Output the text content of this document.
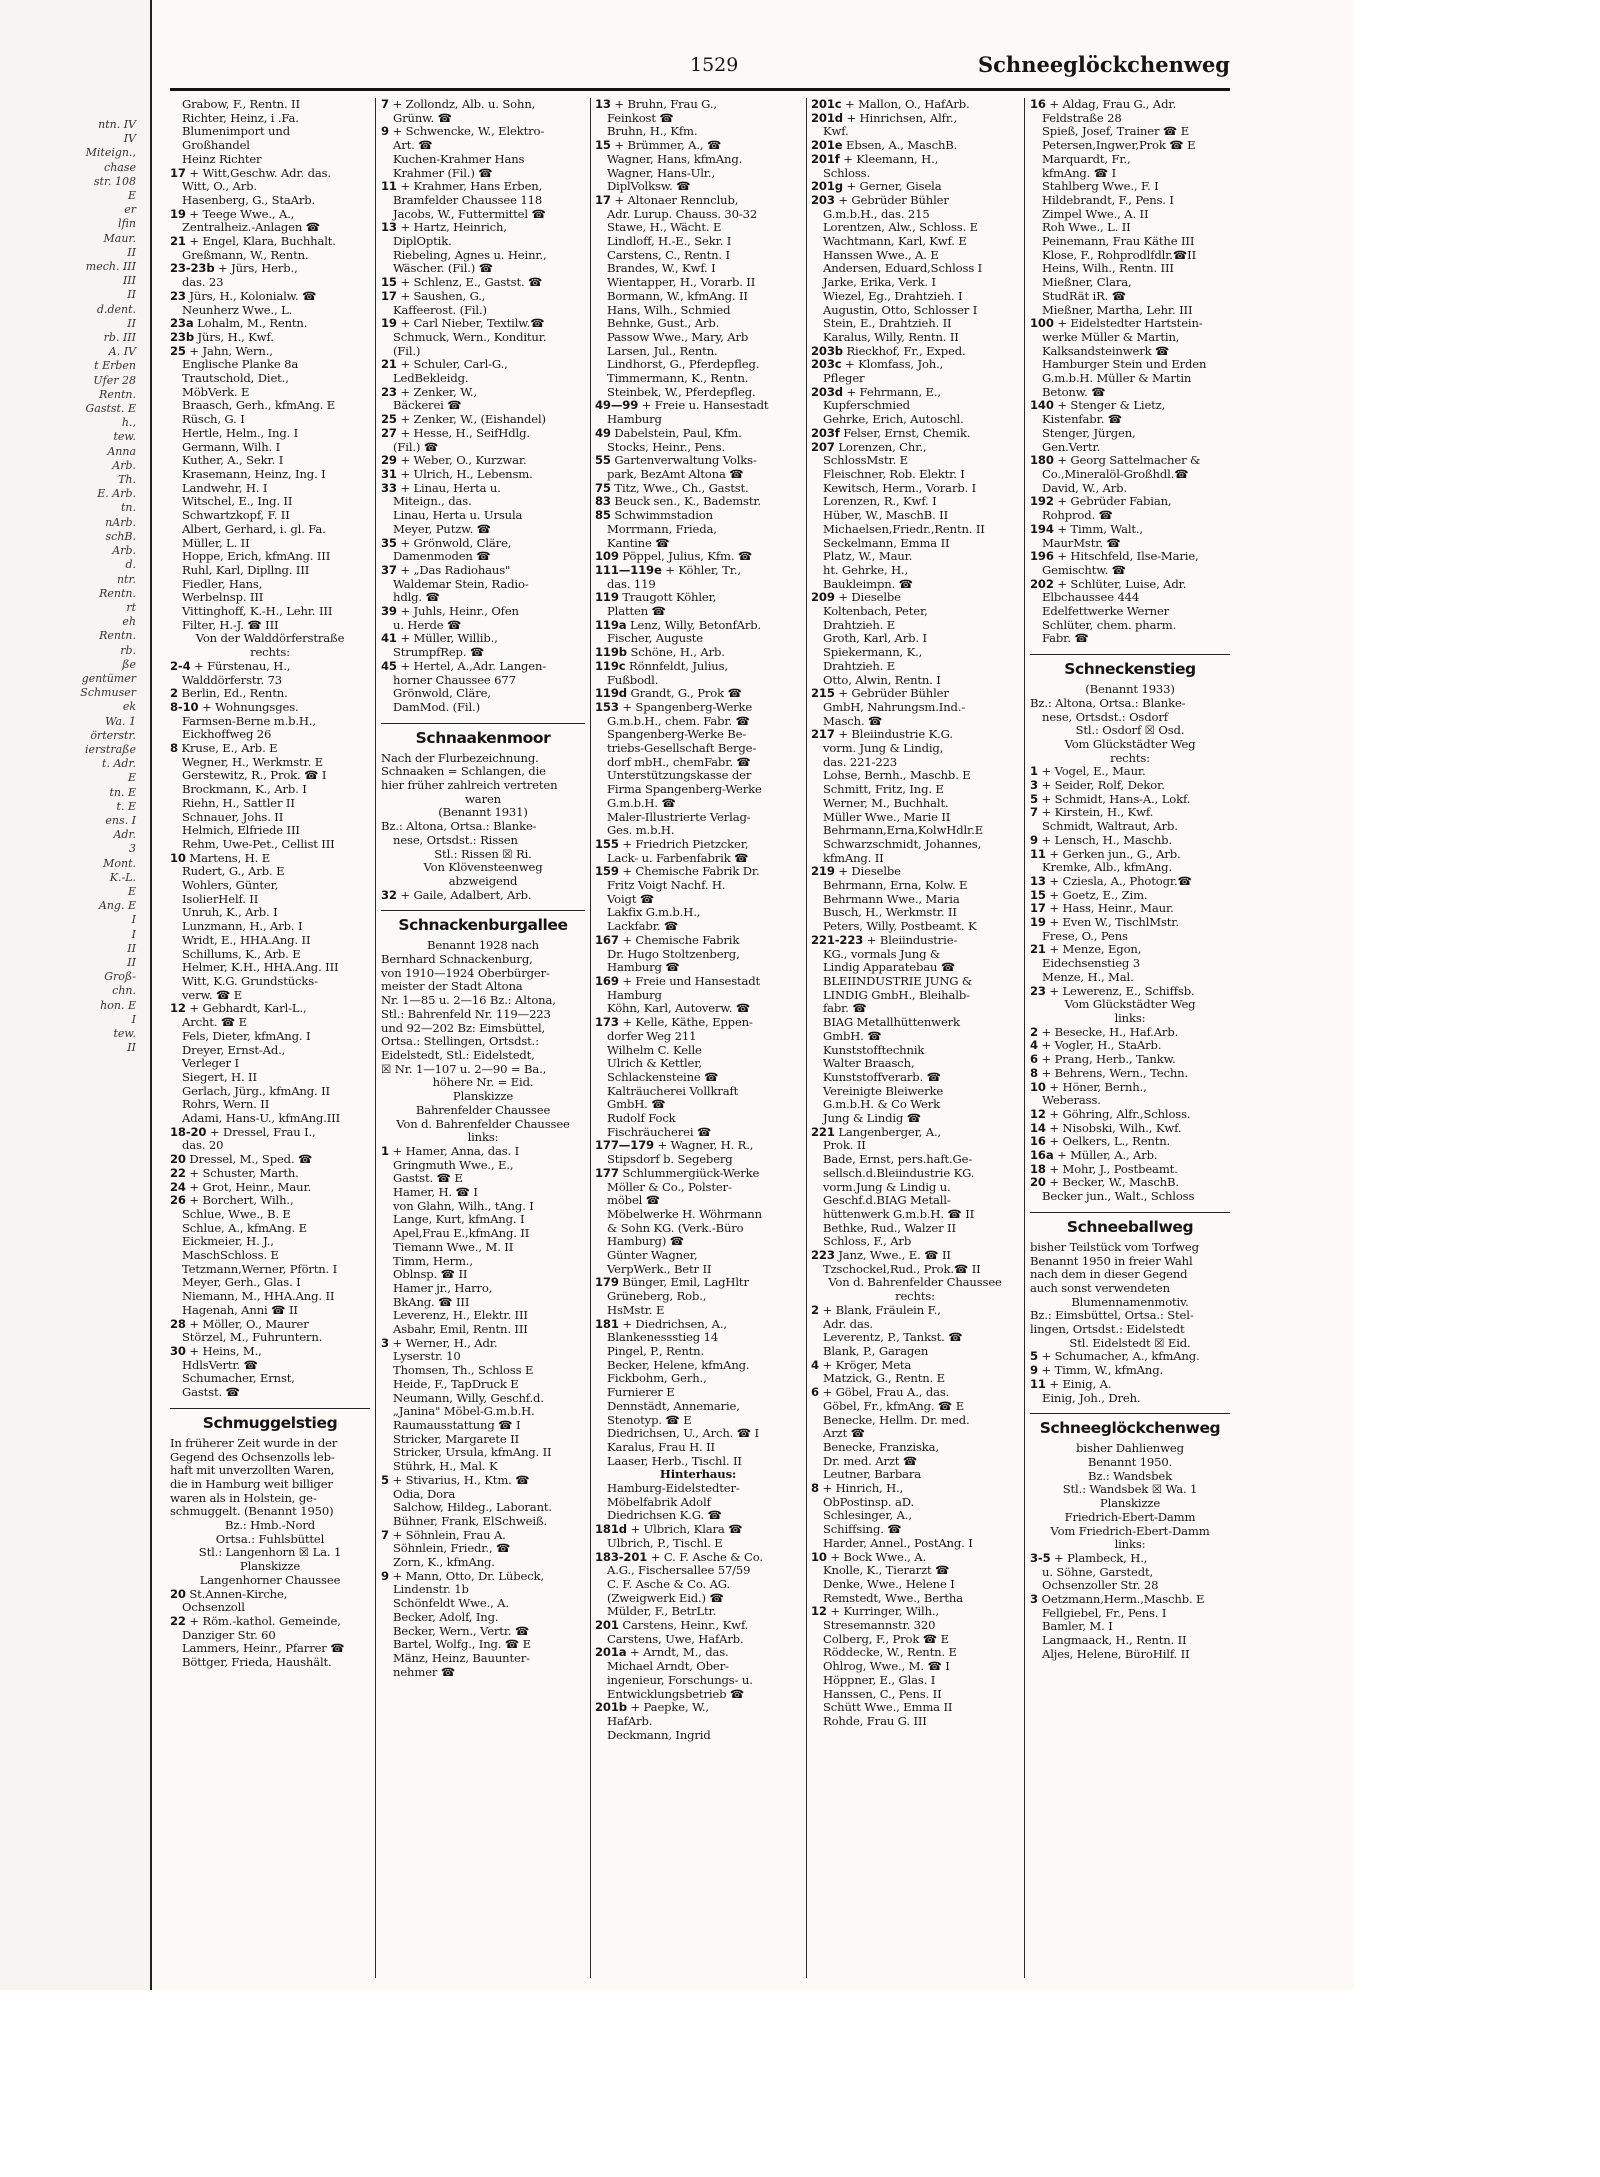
ntn. IV
IV
Miteign.,
chase
str. 108
E
er
lfin
Maur.
II
mech. III
III
II
d.dent.
II
rb. III
A. IV
t Erben
Ufer 28
Rentn.
Gastst. E
h.,
tew.
Anna
Arb.
Th.
E. Arb.
tn.
nArb.
schB.
Arb.
d.
ntr.
Rentn.
rt
eh
Rentn.
rb.
ße
gentümer
Schmuser
ek
Wa. 1
örterstr.
ierstraße
t. Adr.
E
tn. E
t. E
ens. I
Adr.
3
Mont.
K.-L.
E
Ang. E
I
I
II
II
Groß-
chn.
hon. E
I
tew.
II
1529	Schneeglöckchenweg
Grabow, F., Rentn. II
Richter, Heinz, i .Fa.
Blumenimport und
Großhandel
Heinz Richter
17 + Witt,Geschw. Adr. das.
Witt, O., Arb.
Hasenberg, G., StaArb.
19 + Teege Wwe., A.,
Zentralheiz.-Anlagen ☎
21 + Engel, Klara, Buchhalt.
Greßmann, W., Rentn.
23-23b + Jürs, Herb.,
das. 23
23 Jürs, H., Kolonialw. ☎
Neunherz Wwe., L.
23a Lohalm, M., Rentn.
23b Jürs, H., Kwf.
25 + Jahn, Wern.,
Englische Planke 8a
Trautschold, Diet.,
MöbVerk. E
Braasch, Gerh., kfmAng. E
Rüsch, G. I
Hertle, Helm., Ing. I
Germann, Wilh. I
Kuther, A., Sekr. I
Krasemann, Heinz, Ing. I
Landwehr, H. I
Witschel, E., Ing. II
Schwartzkopf, F. II
Albert, Gerhard, i. gl. Fa.
Müller, L. II
Hoppe, Erich, kfmAng. III
Ruhl, Karl, Dipllng. III
Fiedler, Hans,
Werbelnsp. III
Vittinghoff, K.-H., Lehr. III
Filter, H.-J. ☎ III
Von der Walddörferstraße
rechts:
2-4 + Fürstenau, H.,
Walddörferstr. 73
2 Berlin, Ed., Rentn.
8-10 + Wohnungsges.
Farmsen-Berne m.b.H.,
Eickhoffweg 26
8 Kruse, E., Arb. E
Wegner, H., Werkmstr. E
Gerstewitz, R., Prok. ☎ I
Brockmann, K., Arb. I
Riehn, H., Sattler II
Schnauer, Johs. II
Helmich, Elfriede III
Rehm, Uwe-Pet., Cellist III
10 Martens, H. E
Rudert, G., Arb. E
Wohlers, Günter,
IsolierHelf. II
Unruh, K., Arb. I
Lunzmann, H., Arb. I
Wridt, E., HHA.Ang. II
Schillums, K., Arb. E
Helmer, K.H., HHA.Ang. III
Witt, K.G. Grundstücks-
verw. ☎ E
12 + Gebhardt, Karl-L.,
Archt. ☎ E
Fels, Dieter, kfmAng. I
Dreyer, Ernst-Ad.,
Verleger I
Siegert, H. II
Gerlach, Jürg., kfmAng. II
Rohrs, Wern. II
Adami, Hans-U., kfmAng.III
18-20 + Dressel, Frau I.,
das. 20
20 Dressel, M., Sped. ☎
22 + Schuster, Marth.
24 + Grot, Heinr., Maur.
26 + Borchert, Wilh.,
Schlue, Wwe., B. E
Schlue, A., kfmAng. E
Eickmeier, H. J.,
MaschSchloss. E
Tetzmann,Werner, Pförtn. I
Meyer, Gerh., Glas. I
Niemann, M., HHA.Ang. II
Hagenah, Anni ☎ II
28 + Möller, O., Maurer
Störzel, M., Fuhruntern.
30 + Heins, M.,
HdlsVertr. ☎
Schumacher, Ernst,
Gastst. ☎
Schmuggelstieg
In früherer Zeit wurde in der
Gegend des Ochsenzolls leb-
haft mit unverzollten Waren,
die in Hamburg weit billiger
waren als in Holstein, ge-
schmuggelt. (Benannt 1950)
Bz.: Hmb.-Nord
Ortsa.: Fuhlsbüttel
Stl.: Langenhorn ☒ La. 1
Planskizze
Langenhorner Chaussee
20 St.Annen-Kirche,
Ochsenzoll
22 + Röm.-kathol. Gemeinde,
Danziger Str. 60
Lammers, Heinr., Pfarrer ☎
Böttger, Frieda, Haushält.
7 + Zollondz, Alb. u. Sohn,
Grünw. ☎
9 + Schwencke, W., Elektro-
Art. ☎
Kuchen-Krahmer Hans
Krahmer (Fil.) ☎
11 + Krahmer, Hans Erben,
Bramfelder Chaussee 118
Jacobs, W., Futtermittel ☎
13 + Hartz, Heinrich,
DiplOptik.
Riebeling, Agnes u. Heinr.,
Wäscher. (Fil.) ☎
15 + Schlenz, E., Gastst. ☎
17 + Saushen, G.,
Kaffeerost. (Fil.)
19 + Carl Nieber, Textilw.☎
Schmuck, Wern., Konditur.
(Fil.)
21 + Schuler, Carl-G.,
LedBekleidg.
23 + Zenker, W.,
Bäckerei ☎
25 + Zenker, W., (Eishandel)
27 + Hesse, H., SeifHdlg.
(Fil.) ☎
29 + Weber, O., Kurzwar.
31 + Ulrich, H., Lebensm.
33 + Linau, Herta u.
Miteign., das.
Linau, Herta u. Ursula
Meyer, Putzw. ☎
35 + Grönwold, Cläre,
Damenmoden ☎
37 + „Das Radiohaus"
Waldemar Stein, Radio-
hdlg. ☎
39 + Juhls, Heinr., Ofen
u. Herde ☎
41 + Müller, Willib.,
StrumpfRep. ☎
45 + Hertel, A.,Adr. Langen-
horner Chaussee 677
Grönwold, Cläre,
DamMod. (Fil.)
Schnaakenmoor
Nach der Flurbezeichnung.
Schnaaken = Schlangen, die
hier früher zahlreich vertreten
waren
(Benannt 1931)
Bz.: Altona, Ortsa.: Blanke-
nese, Ortsdst.: Rissen
Stl.: Rissen ☒ Ri.
Von Klövensteenweg
abzweigend
32 + Gaile, Adalbert, Arb.
Schnackenburgallee
Benannt 1928 nach
Bernhard Schnackenburg,
von 1910—1924 Oberbürger-
meister der Stadt Altona
Nr. 1—85 u. 2—16 Bz.: Altona,
Stl.: Bahrenfeld Nr. 119—223
und 92—202 Bz: Eimsbüttel,
Ortsa.: Stellingen, Ortsdst.:
Eidelstedt, Stl.: Eidelstedt,
☒ Nr. 1—107 u. 2—90 = Ba.,
höhere Nr. = Eid.
Planskizze
Bahrenfelder Chaussee
Von d. Bahrenfelder Chaussee
links:
1 + Hamer, Anna, das. I
Gringmuth Wwe., E.,
Gastst. ☎ E
Hamer, H. ☎ I
von Glahn, Wilh., tAng. I
Lange, Kurt, kfmAng. I
Apel,Frau E.,kfmAng. II
Tiemann Wwe., M. II
Timm, Herm.,
Oblnsp. ☎ II
Hamer jr., Harro,
BkAng. ☎ III
Leverenz, H., Elektr. III
Asbahr, Emil, Rentn. III
3 + Werner, H., Adr.
Lyserstr. 10
Thomsen, Th., Schloss E
Heide, F., TapDruck E
Neumann, Willy, Geschf.d.
„Janina" Möbel-G.m.b.H.
Raumausstattung ☎ I
Stricker, Margarete II
Stricker, Ursula, kfmAng. II
Stührk, H., Mal. K
5 + Stivarius, H., Ktm. ☎
Odia, Dora
Salchow, Hildeg., Laborant.
Bühner, Frank, ElSchweiß.
7 + Söhnlein, Frau A.
Söhnlein, Friedr., ☎
Zorn, K., kfmAng.
9 + Mann, Otto, Dr. Lübeck,
Lindenstr. 1b
Schönfeldt Wwe., A.
Becker, Adolf, Ing.
Becker, Wern., Vertr. ☎
Bartel, Wolfg., Ing. ☎ E
Mänz, Heinz, Bauunter-
nehmer ☎
13 + Bruhn, Frau G.,
Feinkost ☎
Bruhn, H., Kfm.
15 + Brümmer, A., ☎
Wagner, Hans, kfmAng.
Wagner, Hans-Ulr.,
DiplVolksw. ☎
17 + Altonaer Rennclub,
Adr. Lurup. Chauss. 30-32
Stawe, H., Wächt. E
Lindloff, H.-E., Sekr. I
Carstens, C., Rentn. I
Brandes, W., Kwf. I
Wientapper, H., Vorarb. II
Bormann, W., kfmAng. II
Hans, Wilh., Schmied
Behnke, Gust., Arb.
Passow Wwe., Mary, Arb
Larsen, Jul., Rentn.
Lindhorst, G., Pferdepfleg.
Timmermann, K., Rentn.
Steinbek, W., Pferdepfleg.
49—99 + Freie u. Hansestadt
Hamburg
49 Dabelstein, Paul, Kfm.
Stocks, Heinr., Pens.
55 Gartenverwaltung Volks-
park, BezAmt Altona ☎
75 Titz, Wwe., Ch., Gastst.
83 Beuck sen., K., Bademstr.
85 Schwimmstadion
Morrmann, Frieda,
Kantine ☎
109 Pöppel, Julius, Kfm. ☎
111—119e + Köhler, Tr.,
das. 119
119 Traugott Köhler,
Platten ☎
119a Lenz, Willy, BetonfArb.
Fischer, Auguste
119b Schöne, H., Arb.
119c Rönnfeldt, Julius,
Fußbodl.
119d Grandt, G., Prok ☎
153 + Spangenberg-Werke
G.m.b.H., chem. Fabr. ☎
Spangenberg-Werke Be-
triebs-Gesellschaft Berge-
dorf mbH., chemFabr. ☎
Unterstützungskasse der
Firma Spangenberg-Werke
G.m.b.H. ☎
Maler-Illustrierte Verlag-
Ges. m.b.H.
155 + Friedrich Pietzcker,
Lack- u. Farbenfabrik ☎
159 + Chemische Fabrik Dr.
Fritz Voigt Nachf. H.
Voigt ☎
Lakfix G.m.b.H.,
Lackfabr. ☎
167 + Chemische Fabrik
Dr. Hugo Stoltzenberg,
Hamburg ☎
169 + Freie und Hansestadt
Hamburg
Köhn, Karl, Autoverw. ☎
173 + Kelle, Käthe, Eppen-
dorfer Weg 211
Wilhelm C. Kelle
Ulrich & Kettler,
Schlackensteine ☎
Kalträucherei Vollkraft
GmbH. ☎
Rudolf Fock
Fischräucherei ☎
177—179 + Wagner, H. R.,
Stipsdorf b. Segeberg
177 Schlummergiück-Werke
Möller & Co., Polster-
möbel ☎
Möbelwerke H. Wöhrmann
& Sohn KG. (Verk.-Büro
Hamburg) ☎
Günter Wagner,
VerpWerk., Betr II
179 Bünger, Emil, LagHltr
Grüneberg, Rob.,
HsMstr. E
181 + Diedrichsen, A.,
Blankenessstieg 14
Pingel, P., Rentn.
Becker, Helene, kfmAng.
Fickbohm, Gerh.,
Furnierer E
Dennstädt, Annemarie,
Stenotyp. ☎ E
Diedrichsen, U., Arch. ☎ I
Karalus, Frau H. II
Laaser, Herb., Tischl. II
Hinterhaus:
Hamburg-Eidelstedter-
Möbelfabrik Adolf
Diedrichsen K.G. ☎
181d + Ulbrich, Klara ☎
Ulbrich, P., Tischl. E
183-201 + C. F. Asche & Co.
A.G., Fischersallee 57/59
C. F. Asche & Co. AG.
(Zweigwerk Eid.) ☎
Mülder, F., BetrLtr.
201 Carstens, Heinr., Kwf.
Carstens, Uwe, HafArb.
201a + Arndt, M., das.
Michael Arndt, Ober-
ingenieur, Forschungs- u.
Entwicklungsbetrieb ☎
201b + Paepke, W.,
HafArb.
Deckmann, Ingrid
201c + Mallon, O., HafArb.
201d + Hinrichsen, Alfr.,
Kwf.
201e Ebsen, A., MaschB.
201f + Kleemann, H.,
Schloss.
201g + Gerner, Gisela
203 + Gebrüder Bühler
G.m.b.H., das. 215
Lorentzen, Alw., Schloss. E
Wachtmann, Karl, Kwf. E
Hanssen Wwe., A. E
Andersen, Eduard,Schloss I
Jarke, Erika, Verk. I
Wiezel, Eg., Drahtzieh. I
Augustin, Otto, Schlosser I
Stein, E., Drahtzieh. II
Karalus, Willy, Rentn. II
203b Rieckhof, Fr., Exped.
203c + Klomfass, Joh.,
Pfleger
203d + Fehrmann, E.,
Kupferschmied
Gehrke, Erich, Autoschl.
203f Felser, Ernst, Chemik.
207 Lorenzen, Chr.,
SchlossMstr. E
Fleischner, Rob. Elektr. I
Kewitsch, Herm., Vorarb. I
Lorenzen, R., Kwf. I
Hüber, W., MaschB. II
Michaelsen,Friedr.,Rentn. II
Seckelmann, Emma II
Platz, W., Maur.
ht. Gehrke, H.,
Baukleimpn. ☎
209 + Dieselbe
Koltenbach, Peter,
Drahtzieh. E
Groth, Karl, Arb. I
Spiekermann, K.,
Drahtzieh. E
Otto, Alwin, Rentn. I
215 + Gebrüder Bühler
GmbH, Nahrungsm.Ind.-
Masch. ☎
217 + Bleiindustrie K.G.
vorm. Jung & Lindig,
das. 221-223
Lohse, Bernh., Maschb. E
Schmitt, Fritz, Ing. E
Werner, M., Buchhalt.
Müller Wwe., Marie II
Behrmann,Erna,KolwHdlr.E
Schwarzschmidt, Johannes,
kfmAng. II
219 + Dieselbe
Behrmann, Erna, Kolw. E
Behrmann Wwe., Maria
Busch, H., Werkmstr. II
Peters, Willy, Postbeamt. K
221-223 + Bleiindustrie-
KG., vormals Jung &
Lindig Apparatebau ☎
BLEIINDUSTRIE JUNG &
LINDIG GmbH., Bleihalb-
fabr. ☎
BIAG Metallhüttenwerk
GmbH. ☎
Kunststofftechnik
Walter Braasch,
Kunststoffverarb. ☎
Vereinigte Bleiwerke
G.m.b.H. & Co Werk
Jung & Lindig ☎
221 Langenberger, A.,
Prok. II
Bade, Ernst, pers.haft.Ge-
sellsch.d.Bleiindustrie KG.
vorm.Jung & Lindig u.
Geschf.d.BIAG Metall-
hüttenwerk G.m.b.H. ☎ II
Bethke, Rud., Walzer II
Schloss, F., Arb
223 Janz, Wwe., E. ☎ II
Tzschockel,Rud., Prok.☎ II
Von d. Bahrenfelder Chaussee
rechts:
2 + Blank, Fräulein F.,
Adr. das.
Leverentz, P., Tankst. ☎
Blank, P., Garagen
4 + Kröger, Meta
Matzick, G., Rentn. E
6 + Göbel, Frau A., das.
Göbel, Fr., kfmAng. ☎ E
Benecke, Hellm. Dr. med.
Arzt ☎
Benecke, Franziska,
Dr. med. Arzt ☎
Leutner, Barbara
8 + Hinrich, H.,
ObPostinsp. aD.
Schlesinger, A.,
Schiffsing. ☎
Harder, Annel., PostAng. I
10 + Bock Wwe., A.
Knolle, K., Tierarzt ☎
Denke, Wwe., Helene I
Remstedt, Wwe., Bertha
12 + Kurringer, Wilh.,
Stresemannstr. 320
Colberg, F., Prok ☎ E
Röddecke, W., Rentn. E
Ohlrog, Wwe., M. ☎ I
Höppner, E., Glas. I
Hanssen, C., Pens. II
Schütt Wwe., Emma II
Rohde, Frau G. III
16 + Aldag, Frau G., Adr.
Feldstraße 28
Spieß, Josef, Trainer ☎ E
Petersen,Ingwer,Prok ☎ E
Marquardt, Fr.,
kfmAng. ☎ I
Stahlberg Wwe., F. I
Hildebrandt, F., Pens. I
Zimpel Wwe., A. II
Roh Wwe., L. II
Peinemann, Frau Käthe III
Klose, F., Rohprodlfdlr.☎II
Heins, Wilh., Rentn. III
Mießner, Clara,
StudRät iR. ☎
Mießner, Martha, Lehr. III
100 + Eidelstedter Hartstein-
werke Müller & Martin,
Kalksandsteinwerk ☎
Hamburger Stein und Erden
G.m.b.H. Müller & Martin
Betonw. ☎
140 + Stenger & Lietz,
Kistenfabr. ☎
Stenger, Jürgen,
Gen.Vertr.
180 + Georg Sattelmacher &
Co.,Mineralöl-Großhdl.☎
David, W., Arb.
192 + Gebrüder Fabian,
Rohprod. ☎
194 + Timm, Walt.,
MaurMstr. ☎
196 + Hitschfeld, Ilse-Marie,
Gemischtw. ☎
202 + Schlüter, Luise, Adr.
Elbchaussee 444
Edelfettwerke Werner
Schlüter, chem. pharm.
Fabr. ☎
Schneckenstieg
(Benannt 1933)
Bz.: Altona, Ortsa.: Blanke-
nese, Ortsdst.: Osdorf
Stl.: Osdorf ☒ Osd.
Vom Glückstädter Weg
rechts:
1 + Vogel, E., Maur.
3 + Seider, Rolf, Dekor.
5 + Schmidt, Hans-A., Lokf.
7 + Kirstein, H., Kwf.
Schmidt, Waltraut, Arb.
9 + Lensch, H., Maschb.
11 + Gerken jun., G., Arb.
Kremke, Alb., kfmAng.
13 + Cziesla, A., Photogr.☎
15 + Goetz, E., Zim.
17 + Hass, Heinr., Maur.
19 + Even W., TischlMstr.
Frese, O., Pens
21 + Menze, Egon,
Eidechsenstieg 3
Menze, H., Mal.
23 + Lewerenz, E., Schiffsb.
Vom Glückstädter Weg
links:
2 + Besecke, H., Haf.Arb.
4 + Vogler, H., StaArb.
6 + Prang, Herb., Tankw.
8 + Behrens, Wern., Techn.
10 + Höner, Bernh.,
Weberass.
12 + Göhring, Alfr.,Schloss.
14 + Nisobski, Wilh., Kwf.
16 + Oelkers, L., Rentn.
16a + Müller, A., Arb.
18 + Mohr, J., Postbeamt.
20 + Becker, W., MaschB.
Becker jun., Walt., Schloss
Schneeballweg
bisher Teilstück vom Torfweg
Benannt 1950 in freier Wahl
nach dem in dieser Gegend
auch sonst verwendeten
Blumennamenmotiv.
Bz.: Eimsbüttel, Ortsa.: Stel-
lingen, Ortsdst.: Eidelstedt
Stl. Eidelstedt ☒ Eid.
5 + Schumacher, A., kfmAng.
9 + Timm, W., kfmAng.
11 + Einig, A.
Einig, Joh., Dreh.
Schneeglöckchenweg
bisher Dahlienweg
Benannt 1950.
Bz.: Wandsbek
Stl.: Wandsbek ☒ Wa. 1
Planskizze
Friedrich-Ebert-Damm
Vom Friedrich-Ebert-Damm
links:
3-5 + Plambeck, H.,
u. Söhne, Garstedt,
Ochsenzoller Str. 28
3 Oetzmann,Herm.,Maschb. E
Fellgiebel, Fr., Pens. I
Bamler, M. I
Langmaack, H., Rentn. II
Aljes, Helene, BüroHilf. II
